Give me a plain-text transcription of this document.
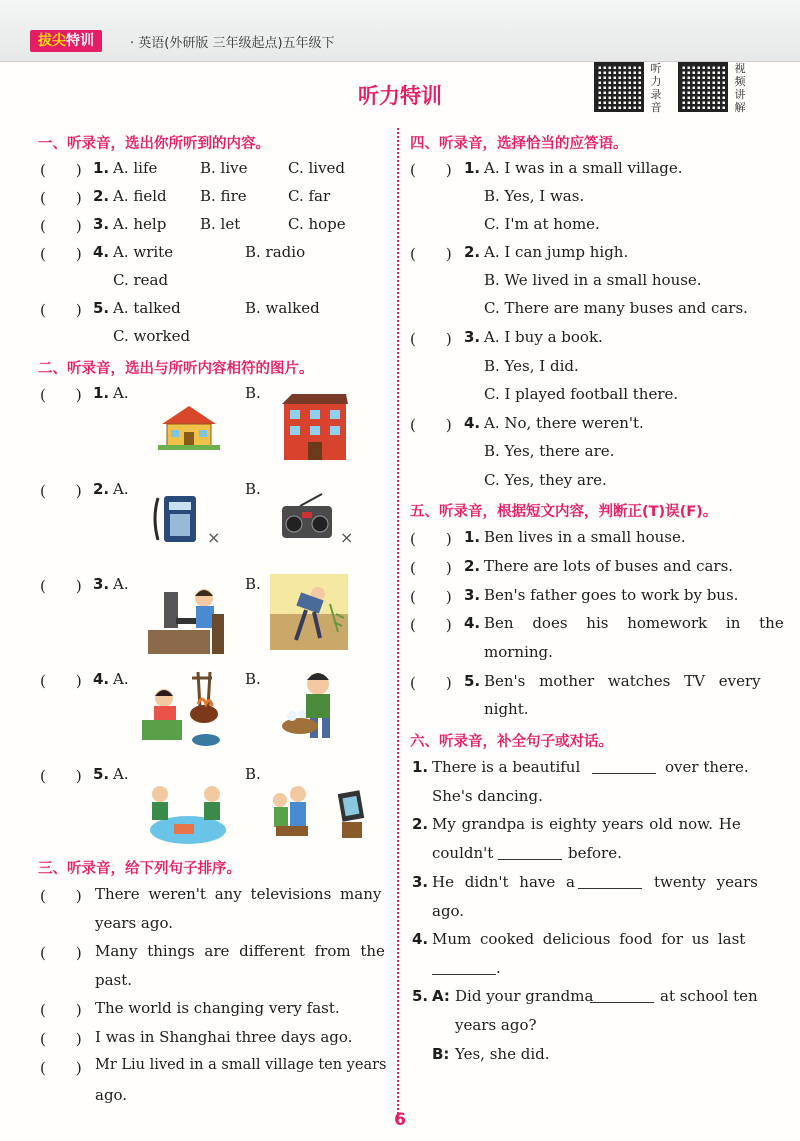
拔尖特训	· 英语(外研版 三年级起点)五年级下
听力特训
听力录音
视频讲解
一、听录音，选出你所听到的内容。
(　　) 1. A. life	B. live	C. lived
(　　) 2. A. field B. fire	C. far
(　　) 3. A. help B. let	C. hope
(　　) 4. A. write	B. radio
C. read
(　　) 5. A. talked	B. walked
C. worked
二、听录音，选出与所听内容相符的图片。
(　　) 1. A.	B.
(　　) 2. A.	B.
×	×
(　　) 3. A.	B.
(　　) 4. A.	B.
(　　) 5. A.	B.
三、听录音，给下列句子排序。
(　　) There weren't any televisions many
years ago.
(　　) Many things are different from the
past.
(　　) The world is changing very fast.
(　　) I was in Shanghai three days ago.
(　　) Mr Liu lived in a small village ten years
ago.
四、听录音，选择恰当的应答语。
(　　) 1. A. I was in a small village.
B. Yes, I was.
C. I'm at home.
(　　) 2. A. I can jump high.
B. We lived in a small house.
C. There are many buses and cars.
(　　) 3. A. I buy a book.
B. Yes, I did.
C. I played football there.
(　　) 4. A. No, there weren't.
B. Yes, there are.
C. Yes, they are.
五、听录音，根据短文内容，判断正(T)误(F)。
(　　) 1. Ben lives in a small house.
(　　) 2. There are lots of buses and cars.
(　　) 3. Ben's father goes to work by bus.
(　　) 4. Ben does his homework in the
morning.
(　　) 5. Ben's mother watches TV every
night.
六、听录音，补全句子或对话。
1. There is a beautiful	over there.
She's dancing.
2. My grandpa is eighty years old now. He
couldn't	before.
3. He didn't have a	twenty years
ago.
4. Mum cooked delicious food for us last
.
5. A: Did your grandma	at school ten
years ago?
B: Yes, she did.
6
